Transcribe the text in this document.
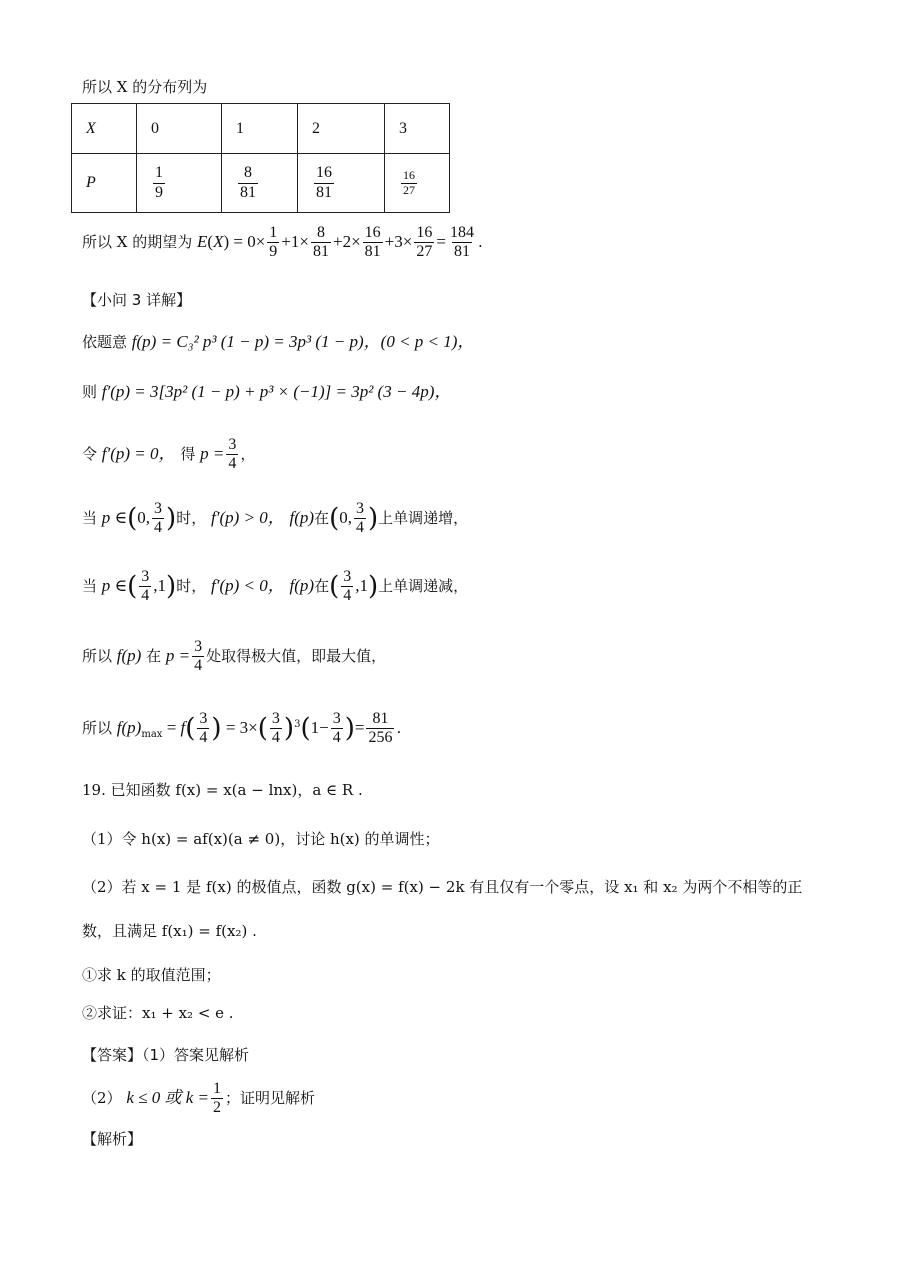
所以 X 的分布列为
X	0	1	2	3
P	$\frac{1}{9}$	$\frac{8}{81}$	$\frac{16}{81}$	$\frac{16}{27}$
所以 X 的期望为 $E(X) = 0\times \frac{1}{9} +1\times \frac{8}{81} +2\times \frac{16}{81} +3\times \frac{16}{27} = \frac{184}{81}$ .
【小问 3 详解】
依题意 f(p) = C₃² p³ (1 − p) = 3p³ (1 − p)，(0 < p < 1)，
则 f′(p) = 3[3p² (1 − p) + p³ × (−1)] = 3p² (3 − 4p)，
令 f′(p) = 0， 得 $p = \frac{3}{4}$ ，
当 p ∈(0, $\frac{3}{4}$ )时， f′(p) > 0， f(p)在(0, $\frac{3}{4}$ )上单调递增，
当 p ∈( $\frac{3}{4} ,1$)时， f′(p) < 0， f(p)在( $\frac{3}{4} ,1$)上单调递减，
所以 f(p) 在 $p = \frac{3}{4}$ 处取得极大值，即最大值，
所以 $f(p)_{max} = f( \frac{3}{4}$ ) = $3\times( \frac{3}{4} )^3(1- \frac{3}{4}$ )= $\frac{81}{256}$ .
19. 已知函数 f(x) = x(a − lnx)，a ∈ R .
（1）令 h(x) = af(x)(a ≠ 0)，讨论 h(x) 的单调性；
（2）若 x = 1 是 f(x) 的极值点，函数 g(x) = f(x) − 2k 有且仅有一个零点，设 x₁ 和 x₂ 为两个不相等的正
数，且满足 f(x₁) = f(x₂) .
①求 k 的取值范围；
②求证：x₁ + x₂ < e .
【答案】（1）答案见解析
（2） k ≤ 0 或 $k = \frac{1}{2}$ ；证明见解析
【解析】
